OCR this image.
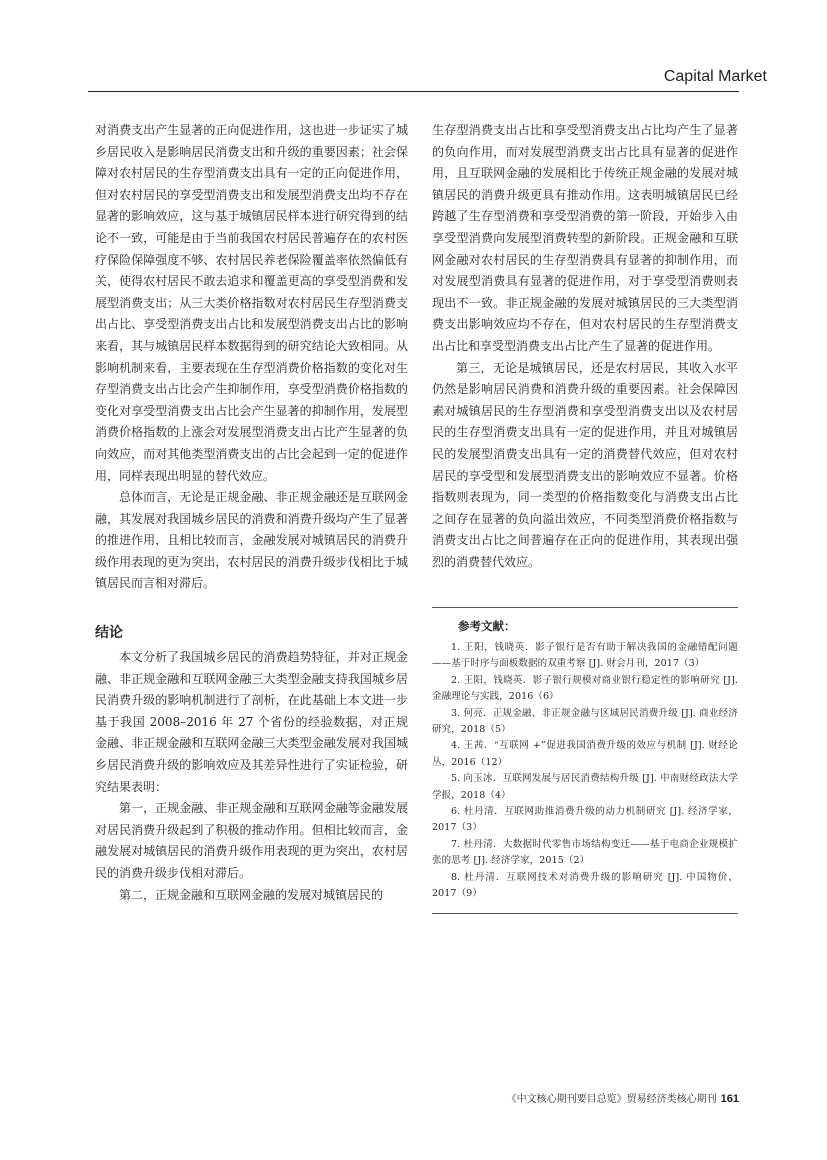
Capital Market

对消费支出产生显著的正向促进作用，这也进一步证实了城乡居民收入是影响居民消费支出和升级的重要因素；社会保障对农村居民的生存型消费支出具有一定的正向促进作用，但对农村居民的享受型消费支出和发展型消费支出均不存在显著的影响效应，这与基于城镇居民样本进行研究得到的结论不一致，可能是由于当前我国农村居民普遍存在的农村医疗保险保障强度不够、农村居民养老保险覆盖率依然偏低有关，使得农村居民不敢去追求和覆盖更高的享受型消费和发展型消费支出；从三大类价格指数对农村居民生存型消费支出占比、享受型消费支出占比和发展型消费支出占比的影响来看，其与城镇居民样本数据得到的研究结论大致相同。从影响机制来看，主要表现在生存型消费价格指数的变化对生存型消费支出占比会产生抑制作用，享受型消费价格指数的变化对享受型消费支出占比会产生显著的抑制作用，发展型消费价格指数的上涨会对发展型消费支出占比产生显著的负向效应，而对其他类型消费支出的占比会起到一定的促进作用，同样表现出明显的替代效应。

总体而言，无论是正规金融、非正规金融还是互联网金融，其发展对我国城乡居民的消费和消费升级均产生了显著的推进作用，且相比较而言，金融发展对城镇居民的消费升级作用表现的更为突出，农村居民的消费升级步伐相比于城镇居民而言相对滞后。

结论

本文分析了我国城乡居民的消费趋势特征，并对正规金融、非正规金融和互联网金融三大类型金融支持我国城乡居民消费升级的影响机制进行了剖析，在此基础上本文进一步基于我国 2008–2016 年 27 个省份的经验数据，对正规金融、非正规金融和互联网金融三大类型金融发展对我国城乡居民消费升级的影响效应及其差异性进行了实证检验，研究结果表明：

第一，正规金融、非正规金融和互联网金融等金融发展对居民消费升级起到了积极的推动作用。但相比较而言，金融发展对城镇居民的消费升级作用表现的更为突出，农村居民的消费升级步伐相对滞后。

第二，正规金融和互联网金融的发展对城镇居民的

生存型消费支出占比和享受型消费支出占比均产生了显著的负向作用，而对发展型消费支出占比具有显著的促进作用，且互联网金融的发展相比于传统正规金融的发展对城镇居民的消费升级更具有推动作用。这表明城镇居民已经跨越了生存型消费和享受型消费的第一阶段，开始步入由享受型消费向发展型消费转型的新阶段。正规金融和互联网金融对农村居民的生存型消费具有显著的抑制作用，而对发展型消费具有显著的促进作用，对于享受型消费则表现出不一致。非正规金融的发展对城镇居民的三大类型消费支出影响效应均不存在，但对农村居民的生存型消费支出占比和享受型消费支出占比产生了显著的促进作用。

第三，无论是城镇居民，还是农村居民，其收入水平仍然是影响居民消费和消费升级的重要因素。社会保障因素对城镇居民的生存型消费和享受型消费支出以及农村居民的生存型消费支出具有一定的促进作用，并且对城镇居民的发展型消费支出具有一定的消费替代效应，但对农村居民的享受型和发展型消费支出的影响效应不显著。价格指数则表现为，同一类型的价格指数变化与消费支出占比之间存在显著的负向溢出效应，不同类型消费价格指数与消费支出占比之间普遍存在正向的促进作用，其表现出强烈的消费替代效应。

参考文献：

1. 王阳，钱晓英．影子银行是否有助于解决我国的金融错配问题——基于时序与面板数据的双重考察 [J]. 财会月刊，2017（3）

2. 王阳，钱晓英．影子银行规模对商业银行稳定性的影响研究 [J]. 金融理论与实践，2016（6）

3. 何亮．正规金融、非正规金融与区域居民消费升级 [J]. 商业经济研究，2018（5）

4. 王茜．“互联网 +”促进我国消费升级的效应与机制 [J]. 财经论丛，2016（12）

5. 向玉冰．互联网发展与居民消费结构升级 [J]. 中南财经政法大学学报，2018（4）

6. 杜丹清．互联网助推消费升级的动力机制研究 [J]. 经济学家，2017（3）

7. 杜丹清．大数据时代零售市场结构变迁——基于电商企业规模扩张的思考 [J]. 经济学家，2015（2）

8. 杜丹清．互联网技术对消费升级的影响研究 [J]. 中国物价，2017（9）

《中文核心期刊要目总览》贸易经济类核心期刊 161
